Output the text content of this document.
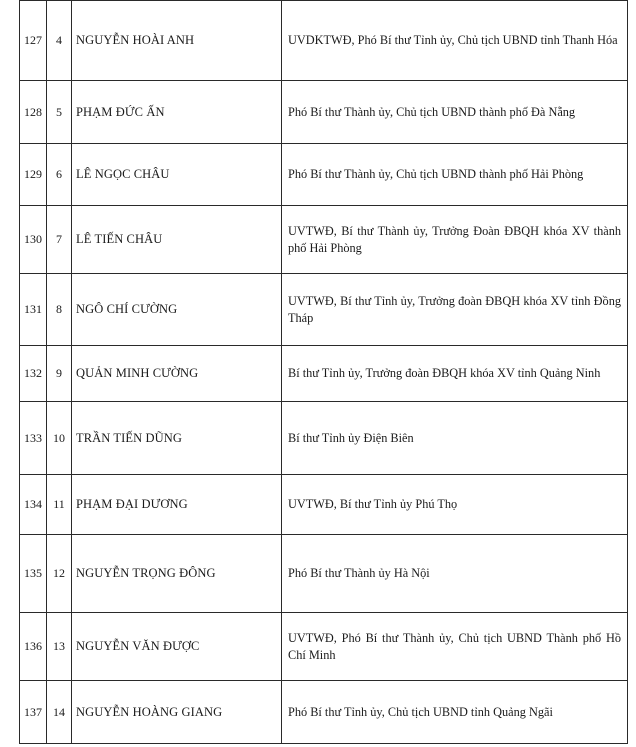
127	4	NGUYỄN HOÀI ANH	UVDKTWĐ, Phó Bí thư Tỉnh ủy, Chủ tịch UBND tỉnh Thanh Hóa
128	5	PHẠM ĐỨC ẤN	Phó Bí thư Thành ủy, Chủ tịch UBND thành phố Đà Nẵng
129	6	LÊ NGỌC CHÂU	Phó Bí thư Thành ủy, Chủ tịch UBND thành phố Hải Phòng
130	7	LÊ TIẾN CHÂU	UVTWĐ, Bí thư Thành ủy, Trưởng Đoàn ĐBQH khóa XV thành phố Hải Phòng
131	8	NGÔ CHÍ CƯỜNG	UVTWĐ, Bí thư Tỉnh ủy, Trưởng đoàn ĐBQH khóa XV tỉnh Đồng Tháp
132	9	QUẢN MINH CƯỜNG	Bí thư Tỉnh ủy, Trưởng đoàn ĐBQH khóa XV tỉnh Quảng Ninh
133	10	TRẦN TIẾN DŨNG	Bí thư Tỉnh ủy Điện Biên
134	11	PHẠM ĐẠI DƯƠNG	UVTWĐ, Bí thư Tỉnh ủy Phú Thọ
135	12	NGUYỄN TRỌNG ĐÔNG	Phó Bí thư Thành ủy Hà Nội
136	13	NGUYỄN VĂN ĐƯỢC	UVTWĐ, Phó Bí thư Thành ủy, Chủ tịch UBND Thành phố Hồ Chí Minh
137	14	NGUYỄN HOÀNG GIANG	Phó Bí thư Tỉnh ủy, Chủ tịch UBND tỉnh Quảng Ngãi
